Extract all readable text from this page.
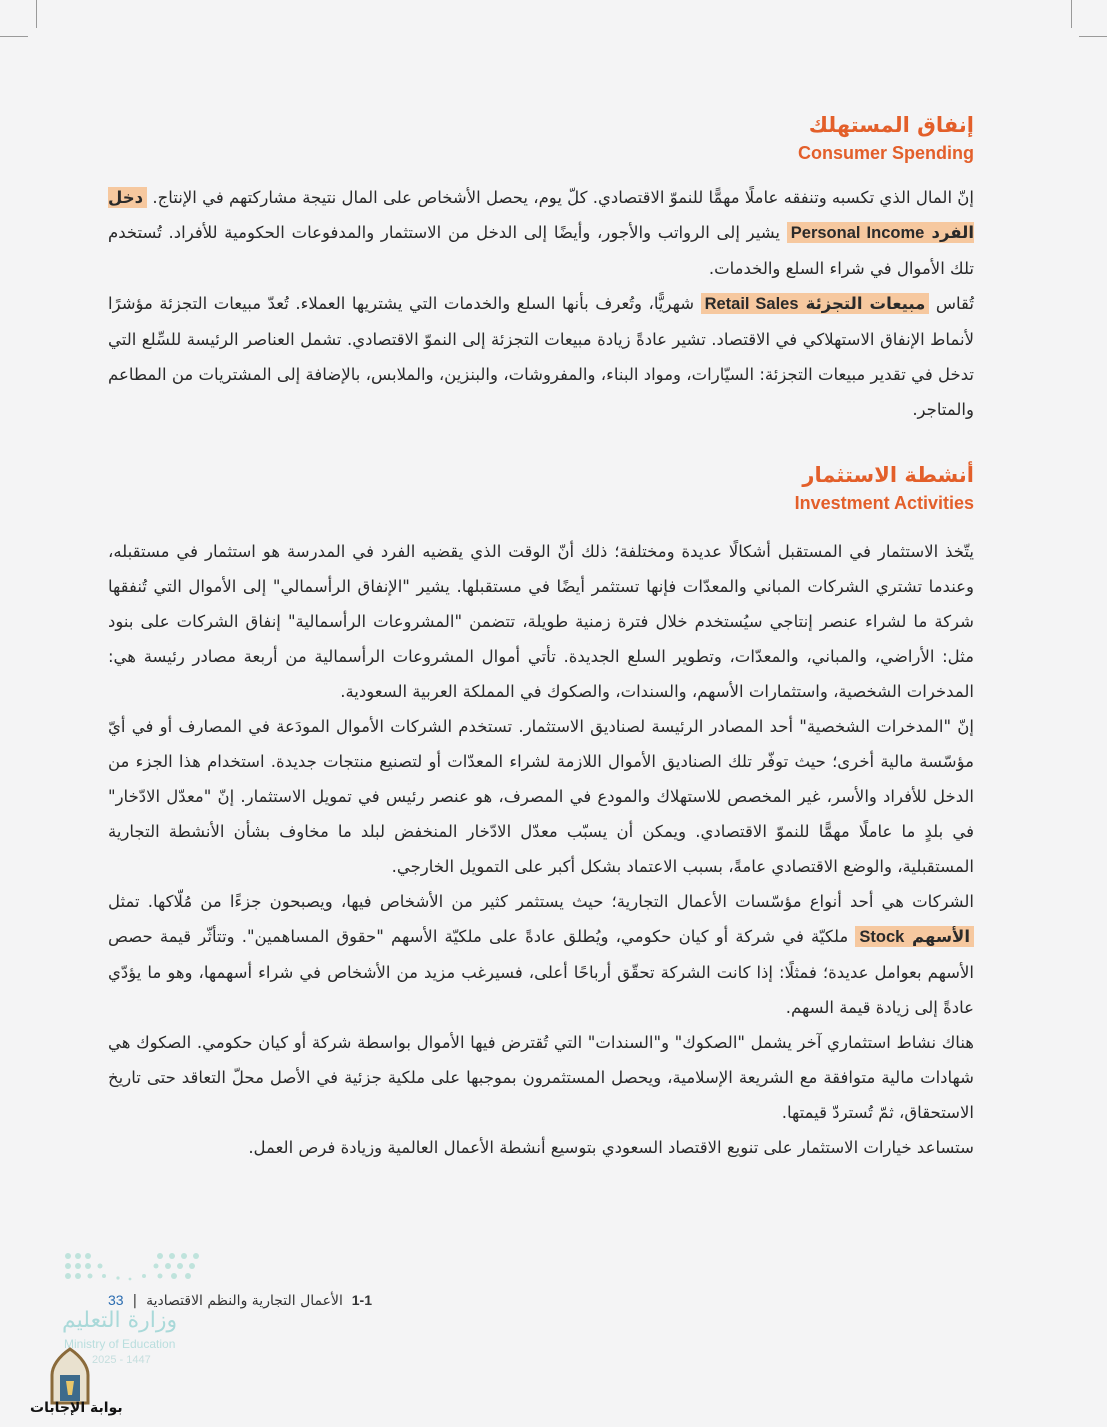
إنفاق المستهلك
Consumer Spending

إنّ المال الذي تكسبه وتنفقه عاملًا مهمًّا للنموّ الاقتصادي. كلّ يوم، يحصل الأشخاص على المال نتيجة مشاركتهم في الإنتاج. دخل الفرد Personal Income يشير إلى الرواتب والأجور، وأيضًا إلى الدخل من الاستثمار والمدفوعات الحكومية للأفراد. تُستخدم تلك الأموال في شراء السلع والخدمات.

تُقاس مبيعات التجزئة Retail Sales شهريًّا، وتُعرف بأنها السلع والخدمات التي يشتريها العملاء. تُعدّ مبيعات التجزئة مؤشرًا لأنماط الإنفاق الاستهلاكي في الاقتصاد. تشير عادةً زيادة مبيعات التجزئة إلى النموّ الاقتصادي. تشمل العناصر الرئيسة للسِّلع التي تدخل في تقدير مبيعات التجزئة: السيّارات، ومواد البناء، والمفروشات، والبنزين، والملابس، بالإضافة إلى المشتريات من المطاعم والمتاجر.

أنشطة الاستثمار
Investment Activities

يتّخذ الاستثمار في المستقبل أشكالًا عديدة ومختلفة؛ ذلك أنّ الوقت الذي يقضيه الفرد في المدرسة هو استثمار في مستقبله، وعندما تشتري الشركات المباني والمعدّات فإنها تستثمر أيضًا في مستقبلها. يشير "الإنفاق الرأسمالي" إلى الأموال التي تُنفقها شركة ما لشراء عنصر إنتاجي سيُستخدم خلال فترة زمنية طويلة، تتضمن "المشروعات الرأسمالية" إنفاق الشركات على بنود مثل: الأراضي، والمباني، والمعدّات، وتطوير السلع الجديدة. تأتي أموال المشروعات الرأسمالية من أربعة مصادر رئيسة هي: المدخرات الشخصية، واستثمارات الأسهم، والسندات، والصكوك في المملكة العربية السعودية.

إنّ "المدخرات الشخصية" أحد المصادر الرئيسة لصناديق الاستثمار. تستخدم الشركات الأموال المودَعة في المصارف أو في أيّ مؤسّسة مالية أخرى؛ حيث توفّر تلك الصناديق الأموال اللازمة لشراء المعدّات أو لتصنيع منتجات جديدة. استخدام هذا الجزء من الدخل للأفراد والأسر، غير المخصص للاستهلاك والمودع في المصرف، هو عنصر رئيس في تمويل الاستثمار. إنّ "معدّل الادّخار" في بلدٍ ما عاملًا مهمًّا للنموّ الاقتصادي. ويمكن أن يسبّب معدّل الادّخار المنخفض لبلد ما مخاوف بشأن الأنشطة التجارية المستقبلية، والوضع الاقتصادي عامةً، بسبب الاعتماد بشكل أكبر على التمويل الخارجي.

الشركات هي أحد أنواع مؤسّسات الأعمال التجارية؛ حيث يستثمر كثير من الأشخاص فيها، ويصبحون جزءًا من مُلّاكها. تمثل الأسهم Stock ملكيّة في شركة أو كيان حكومي، ويُطلق عادةً على ملكيّة الأسهم "حقوق المساهمين". وتتأثّر قيمة حصص الأسهم بعوامل عديدة؛ فمثلًا: إذا كانت الشركة تحقّق أرباحًا أعلى، فسيرغب مزيد من الأشخاص في شراء أسهمها، وهو ما يؤدّي عادةً إلى زيادة قيمة السهم.

هناك نشاط استثماري آخر يشمل "الصكوك" و"السندات" التي تُقترض فيها الأموال بواسطة شركة أو كيان حكومي. الصكوك هي شهادات مالية متوافقة مع الشريعة الإسلامية، ويحصل المستثمرون بموجبها على ملكية جزئية في الأصل محلّ التعاقد حتى تاريخ الاستحقاق، ثمّ تُستردّ قيمتها.

ستساعد خيارات الاستثمار على تنويع الاقتصاد السعودي بتوسيع أنشطة الأعمال العالمية وزيادة فرص العمل.

وزارة التعليم
Ministry of Education
2025 - 1447
1-1  الأعمال التجارية والنظم الاقتصادية  |  33
بوابة الإجابات
